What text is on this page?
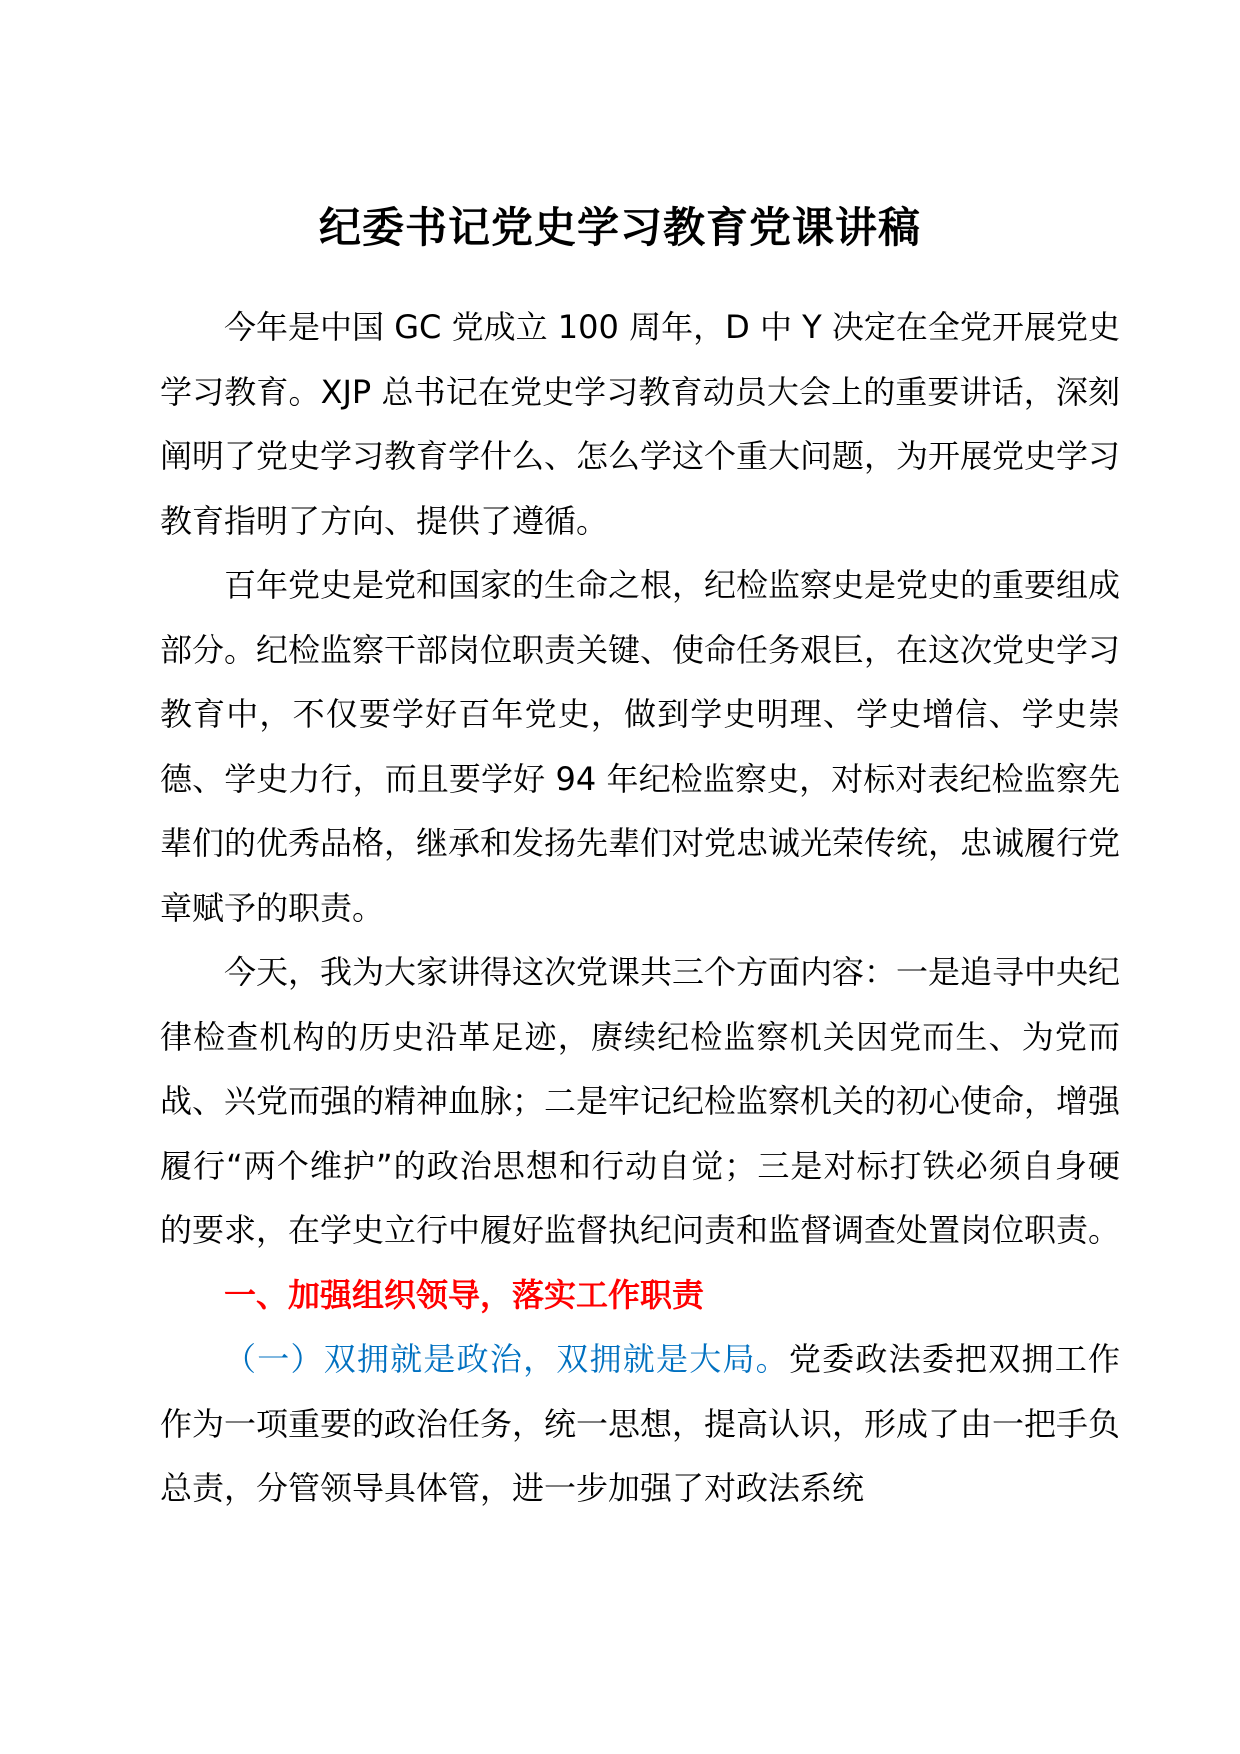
纪委书记党史学习教育党课讲稿

今年是中国 GC 党成立 100 周年，D 中 Y 决定在全党开展党史学习教育。XJP 总书记在党史学习教育动员大会上的重要讲话，深刻阐明了党史学习教育学什么、怎么学这个重大问题，为开展党史学习教育指明了方向、提供了遵循。

百年党史是党和国家的生命之根，纪检监察史是党史的重要组成部分。纪检监察干部岗位职责关键、使命任务艰巨，在这次党史学习教育中，不仅要学好百年党史，做到学史明理、学史增信、学史崇德、学史力行，而且要学好 94 年纪检监察史，对标对表纪检监察先辈们的优秀品格，继承和发扬先辈们对党忠诚光荣传统，忠诚履行党章赋予的职责。

今天，我为大家讲得这次党课共三个方面内容：一是追寻中央纪律检查机构的历史沿革足迹，赓续纪检监察机关因党而生、为党而战、兴党而强的精神血脉；二是牢记纪检监察机关的初心使命，增强履行“两个维护”的政治思想和行动自觉；三是对标打铁必须自身硬的要求，在学史立行中履好监督执纪问责和监督调查处置岗位职责。

一、加强组织领导，落实工作职责

（一）双拥就是政治，双拥就是大局。党委政法委把双拥工作作为一项重要的政治任务，统一思想，提高认识，形成了由一把手负总责，分管领导具体管，进一步加强了对政法系统
